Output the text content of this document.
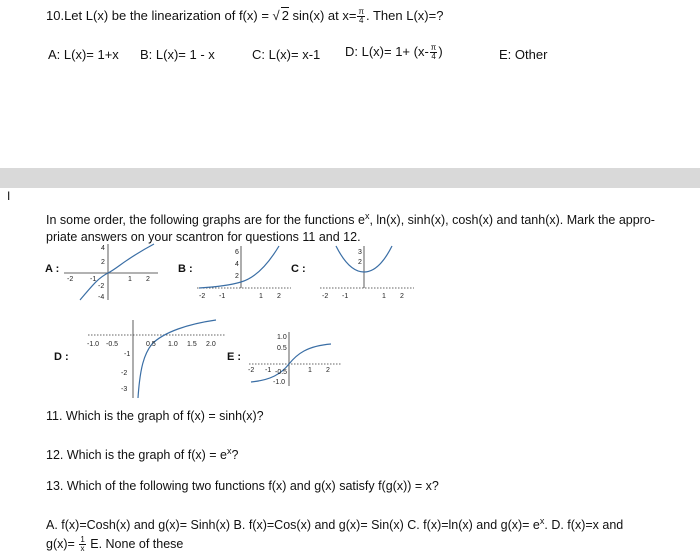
10.Let L(x) be the linearization of f(x) = √ 2 sin(x) at $x= \frac{\pi}{4}$ . Then L(x)=?
A: L(x)= 1+x B: L(x)= 1 - x	C: L(x)= x-1 D: $L(x)= 1+ (x- \frac{\pi}{4}$ )	E: Other
I
In some order, the following graphs are for the functions $e^x$, ln(x), sinh(x), cosh(x) and tanh(x). Mark the appro-
priate answers on your scantron for questions 11 and 12.
A :	B :	C :
D :	E :
-2 -1	1 2
4
2
-2
-4	-2 -1	1 2
6
4
2
-2 -1	1 2
3
2
-1.0 -0.5	0.5 1.0 1.5 2.0
-1
-2
-3
-2 -1	1 2
1.0
0.5
-0.5
-1.0
11. Which is the graph of f(x) = sinh(x)?
12. Which is the graph of $f(x) = e^x$?
13. Which of the following two functions f(x) and g(x) satisfy f(g(x)) = x?
A. f(x)=Cosh(x) and g(x)= Sinh(x) B. f(x)=Cos(x) and g(x)= Sin(x) C. f(x)=ln(x) and $g(x)= e^x$. D. f(x)=x and
$g(x)= \frac{1}{x} E$. None of these
